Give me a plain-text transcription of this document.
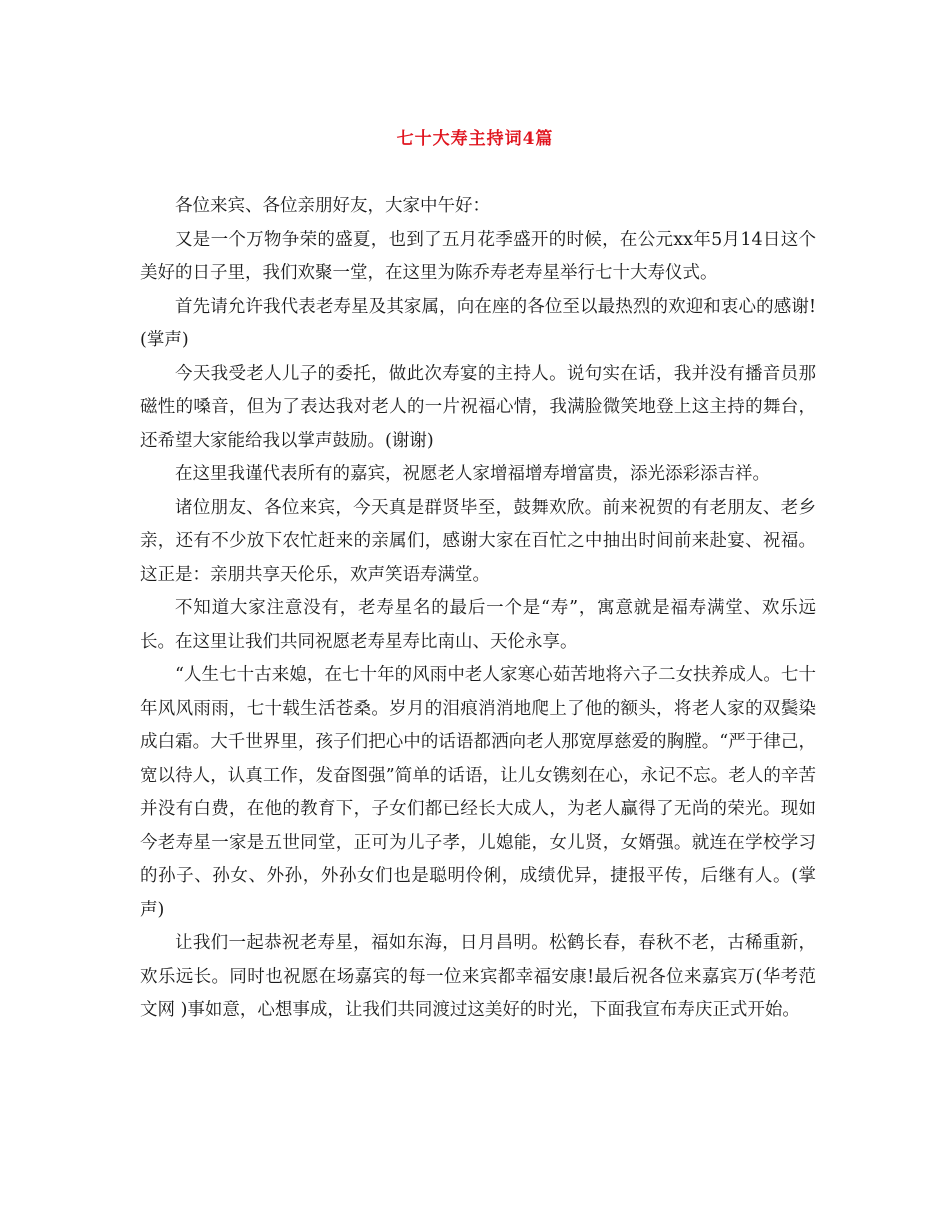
七十大寿主持词4篇

各位来宾、各位亲朋好友，大家中午好：

又是一个万物争荣的盛夏，也到了五月花季盛开的时候，在公元xx年5月14日这个美好的日子里，我们欢聚一堂，在这里为陈乔寿老寿星举行七十大寿仪式。

首先请允许我代表老寿星及其家属，向在座的各位至以最热烈的欢迎和衷心的感谢!(掌声)

今天我受老人儿子的委托，做此次寿宴的主持人。说句实在话，我并没有播音员那磁性的嗓音，但为了表达我对老人的一片祝福心情，我满脸微笑地登上这主持的舞台，还希望大家能给我以掌声鼓励。(谢谢)

在这里我谨代表所有的嘉宾，祝愿老人家增福增寿增富贵，添光添彩添吉祥。

诸位朋友、各位来宾，今天真是群贤毕至，鼓舞欢欣。前来祝贺的有老朋友、老乡亲，还有不少放下农忙赶来的亲属们，感谢大家在百忙之中抽出时间前来赴宴、祝福。这正是：亲朋共享天伦乐，欢声笑语寿满堂。

不知道大家注意没有，老寿星名的最后一个是“寿”，寓意就是福寿满堂、欢乐远长。在这里让我们共同祝愿老寿星寿比南山、天伦永享。

“人生七十古来媳，在七十年的风雨中老人家寒心茹苦地将六子二女扶养成人。七十年风风雨雨，七十载生活苍桑。岁月的泪痕消消地爬上了他的额头，将老人家的双鬓染成白霜。大千世界里，孩子们把心中的话语都洒向老人那宽厚慈爱的胸膛。“严于律己，宽以待人，认真工作，发奋图强”简单的话语，让儿女镌刻在心，永记不忘。老人的辛苦并没有白费，在他的教育下，子女们都已经长大成人，为老人赢得了无尚的荣光。现如今老寿星一家是五世同堂，正可为儿子孝，儿媳能，女儿贤，女婿强。就连在学校学习的孙子、孙女、外孙，外孙女们也是聪明伶俐，成绩优异，捷报平传，后继有人。(掌声)

让我们一起恭祝老寿星，福如东海，日月昌明。松鹤长春，春秋不老，古稀重新，欢乐远长。同时也祝愿在场嘉宾的每一位来宾都幸福安康!最后祝各位来嘉宾万(华考范文网 )事如意，心想事成，让我们共同渡过这美好的时光，下面我宣布寿庆正式开始。
